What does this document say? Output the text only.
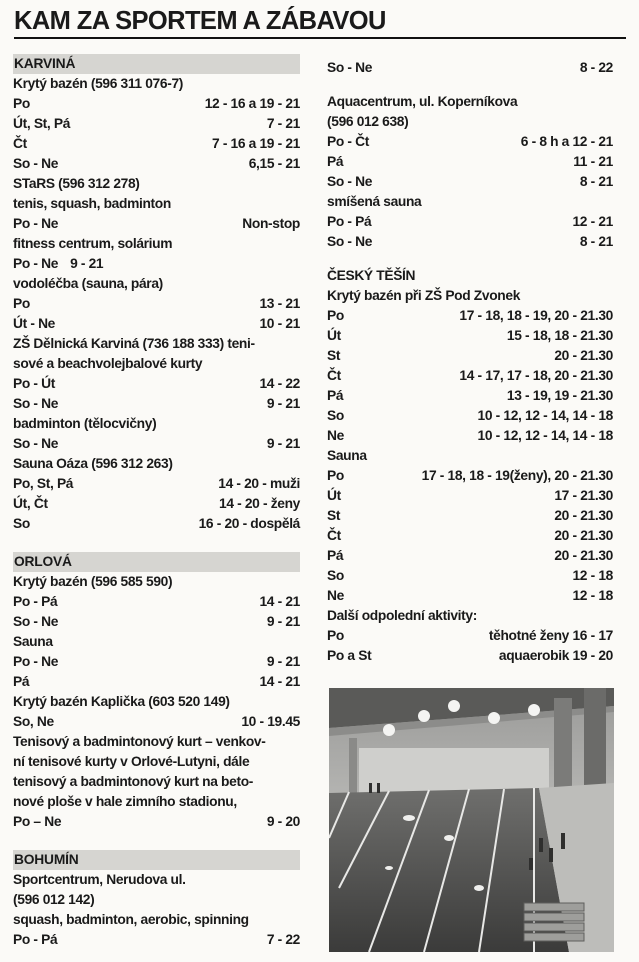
KAM ZA SPORTEM A ZÁBAVOU
KARVINÁ
Krytý bazén (596 311 076-7)
Po	12 - 16 a 19 - 21
Út, St, Pá	7 - 21
Čt	7 - 16 a 19 - 21
So - Ne	6,15 - 21
STaRS (596 312 278)
tenis, squash, badminton
Po - Ne	Non-stop
fitness centrum, solárium
Po - Ne 9 - 21
vodoléčba (sauna, pára)
Po	13 - 21
Út - Ne	10 - 21
ZŠ Dělnická Karviná (736 188 333) teni-
sové a beachvolejbalové kurty
Po - Út	14 - 22
So - Ne	9 - 21
badminton (tělocvičny)
So - Ne	9 - 21
Sauna Oáza (596 312 263)
Po, St, Pá	14 - 20 - muži
Út, Čt	14 - 20 - ženy
So	16 - 20 - dospělá
ORLOVÁ
Krytý bazén (596 585 590)
Po - Pá	14 - 21
So - Ne	9 - 21
Sauna
Po - Ne	9 - 21
Pá	14 - 21
Krytý bazén Kaplička (603 520 149)
So, Ne	10 - 19.45
Tenisový a badmintonový kurt – venkov-
ní tenisové kurty v Orlové-Lutyni, dále
tenisový a badmintonový kurt na beto-
nové ploše v hale zimního stadionu,
Po – Ne	9 - 20
BOHUMÍN
Sportcentrum, Nerudova ul.
(596 012 142)
squash, badminton, aerobic, spinning
Po - Pá	7 - 22
So - Ne	8 - 22
Aquacentrum, ul. Koperníkova
(596 012 638)
Po - Čt	6 - 8 h a 12 - 21
Pá	11 - 21
So - Ne	8 - 21
smíšená sauna
Po - Pá	12 - 21
So - Ne	8 - 21
ČESKÝ TĚŠÍN
Krytý bazén při ZŠ Pod Zvonek
Po	17 - 18, 18 - 19, 20 - 21.30
Út	15 - 18, 18 - 21.30
St	20 - 21.30
Čt	14 - 17, 17 - 18, 20 - 21.30
Pá	13 - 19, 19 - 21.30
So	10 - 12, 12 - 14, 14 - 18
Ne	10 - 12, 12 - 14, 14 - 18
Sauna
Po	17 - 18, 18 - 19(ženy), 20 - 21.30
Út	17 - 21.30
St	20 - 21.30
Čt	20 - 21.30
Pá	20 - 21.30
So	12 - 18
Ne	12 - 18
Další odpolední aktivity:
Po	těhotné ženy 16 - 17
Po a St	aquaerobik 19 - 20
